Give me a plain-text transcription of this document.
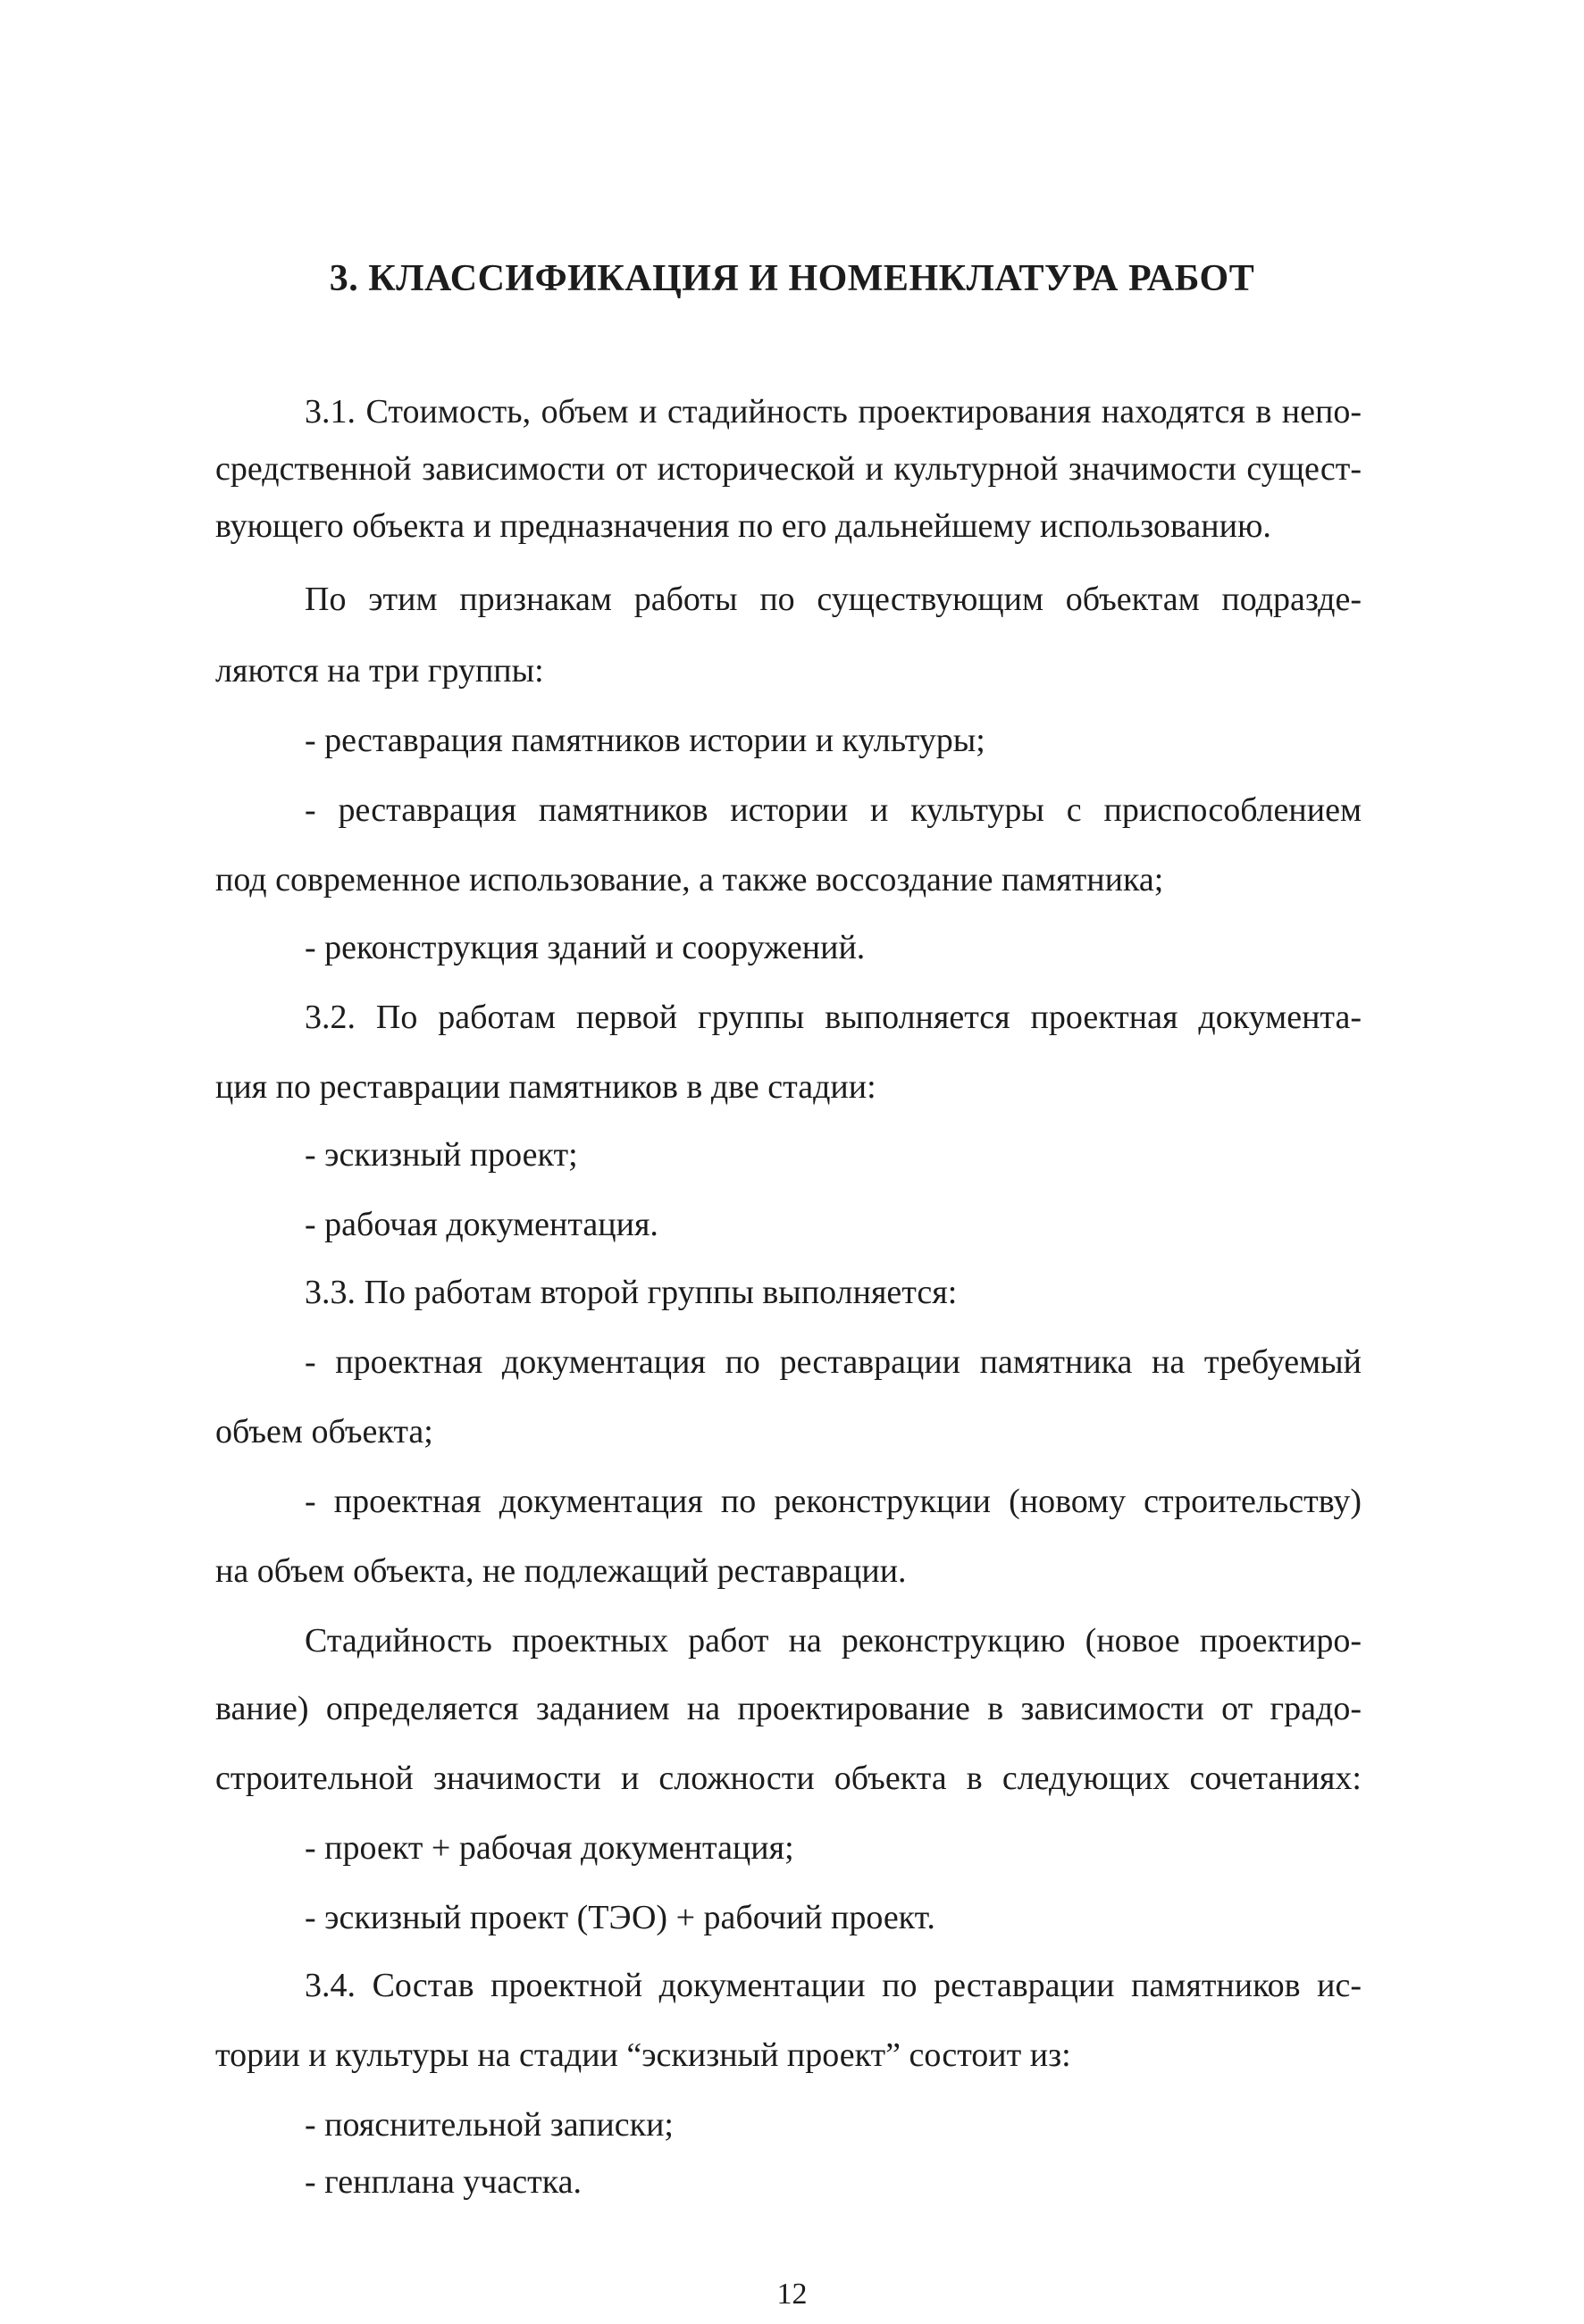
3. КЛАССИФИКАЦИЯ И НОМЕНКЛАТУРА РАБОТ
3.1. Стоимость, объем и стадийность проектирования находятся в непо-
средственной зависимости от исторической и культурной значимости сущест-
вующего объекта и предназначения по его дальнейшему использованию.
По этим признакам работы по существующим объектам подразде-
ляются на три группы:
- реставрация памятников истории и культуры;
- реставрация памятников истории и культуры с приспособлением
под современное использование, а также воссоздание памятника;
- реконструкция зданий и сооружений.
3.2. По работам первой группы выполняется проектная документа-
ция по реставрации памятников в две стадии:
- эскизный проект;
- рабочая документация.
3.3. По работам второй группы выполняется:
- проектная документация по реставрации памятника на требуемый
объем объекта;
- проектная документация по реконструкции (новому строительству)
на объем объекта, не подлежащий реставрации.
Стадийность проектных работ на реконструкцию (новое проектиро-
вание) определяется заданием на проектирование в зависимости от градо-
строительной значимости и сложности объекта в следующих сочетаниях:
- проект + рабочая документация;
- эскизный проект (ТЭО) + рабочий проект.
3.4. Состав проектной документации по реставрации памятников ис-
тории и культуры на стадии “эскизный проект” состоит из:
- пояснительной записки;
- генплана участка.
12
